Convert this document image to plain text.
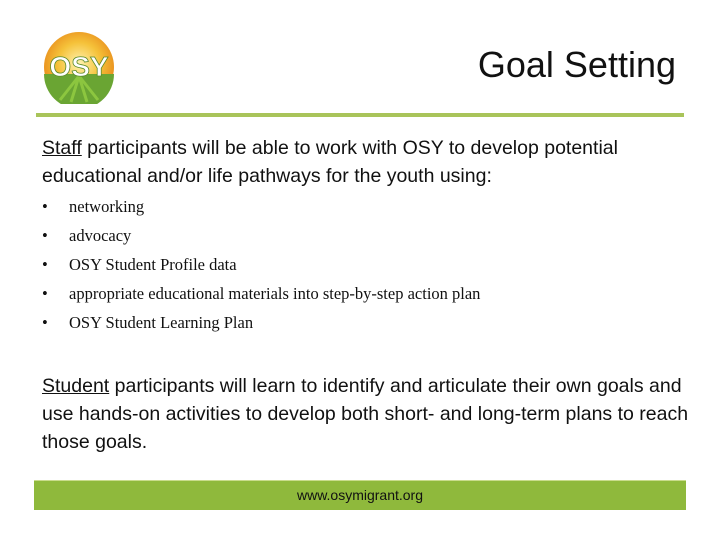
OSY	Goal Setting
Staff participants will be able to work with OSY to develop potential educational and/or life pathways for the youth using:
•	networking
•	advocacy
•	OSY Student Profile data
•	appropriate educational materials into step-by-step action plan
•	OSY Student Learning Plan
Student participants will learn to identify and articulate their own goals and use hands-on activities to develop both short- and long-term plans to reach those goals.
www.osymigrant.org
